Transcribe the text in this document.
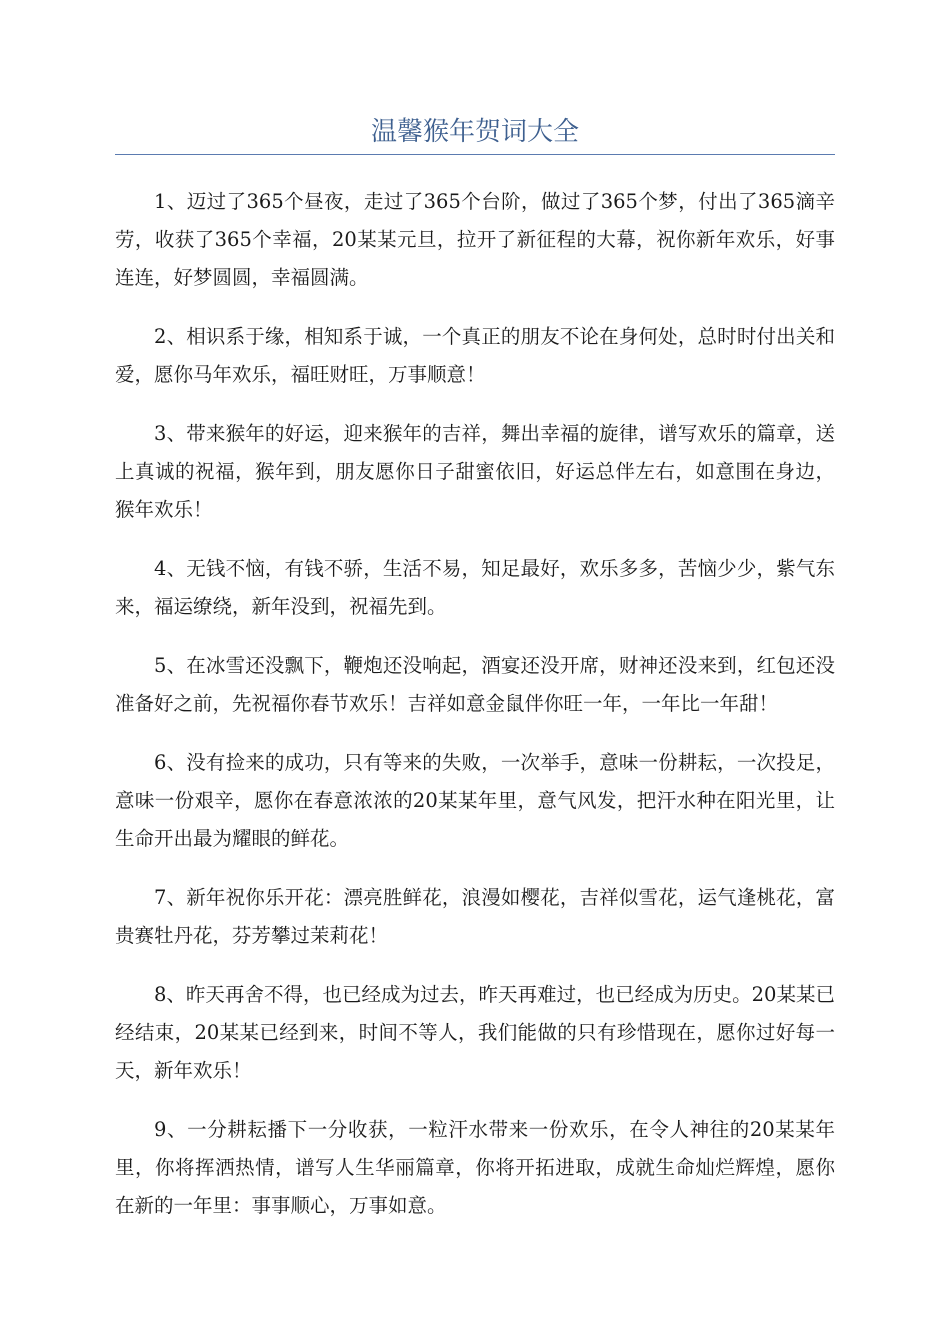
温馨猴年贺词大全

1、迈过了365个昼夜，走过了365个台阶，做过了365个梦，付出了365滴辛劳，收获了365个幸福，20某某元旦，拉开了新征程的大幕，祝你新年欢乐，好事连连，好梦圆圆，幸福圆满。

2、相识系于缘，相知系于诚，一个真正的朋友不论在身何处，总时时付出关和爱，愿你马年欢乐，福旺财旺，万事顺意！

3、带来猴年的好运，迎来猴年的吉祥，舞出幸福的旋律，谱写欢乐的篇章，送上真诚的祝福，猴年到，朋友愿你日子甜蜜依旧，好运总伴左右，如意围在身边，猴年欢乐！

4、无钱不恼，有钱不骄，生活不易，知足最好，欢乐多多，苦恼少少，紫气东来，福运缭绕，新年没到，祝福先到。

5、在冰雪还没飘下，鞭炮还没响起，酒宴还没开席，财神还没来到，红包还没准备好之前，先祝福你春节欢乐！吉祥如意金鼠伴你旺一年，一年比一年甜！

6、没有捡来的成功，只有等来的失败，一次举手，意味一份耕耘，一次投足，意味一份艰辛，愿你在春意浓浓的20某某年里，意气风发，把汗水种在阳光里，让生命开出最为耀眼的鲜花。

7、新年祝你乐开花：漂亮胜鲜花，浪漫如樱花，吉祥似雪花，运气逢桃花，富贵赛牡丹花，芬芳攀过茉莉花！

8、昨天再舍不得，也已经成为过去，昨天再难过，也已经成为历史。20某某已经结束，20某某已经到来，时间不等人，我们能做的只有珍惜现在，愿你过好每一天，新年欢乐！

9、一分耕耘播下一分收获，一粒汗水带来一份欢乐，在令人神往的20某某年里，你将挥洒热情，谱写人生华丽篇章，你将开拓进取，成就生命灿烂辉煌，愿你在新的一年里：事事顺心，万事如意。
